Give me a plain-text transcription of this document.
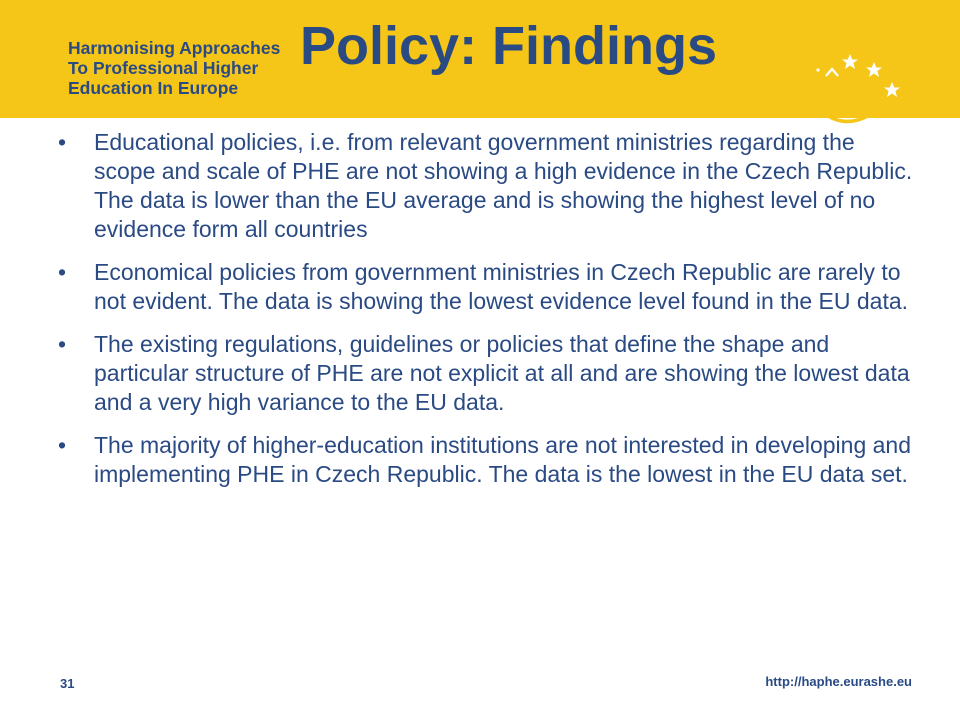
Harmonising Approaches
To Professional Higher
Education In Europe
Policy: Findings
• Educational policies, i.e. from relevant government ministries regarding the scope and scale of PHE are not showing a high evidence in the Czech Republic. The data is lower than the EU average and is showing the highest level of no evidence form all countries
• Economical policies from government ministries in Czech Republic are rarely to not evident. The data is showing the lowest evidence level found in the EU data.
• The existing regulations, guidelines or policies that define the shape and particular structure of PHE are not explicit at all and are showing the lowest data and a very high variance to the EU data.
• The majority of higher-education institutions are not interested in developing and implementing PHE in Czech Republic. The data is the lowest in the EU data set.
31	http://haphe.eurashe.eu
